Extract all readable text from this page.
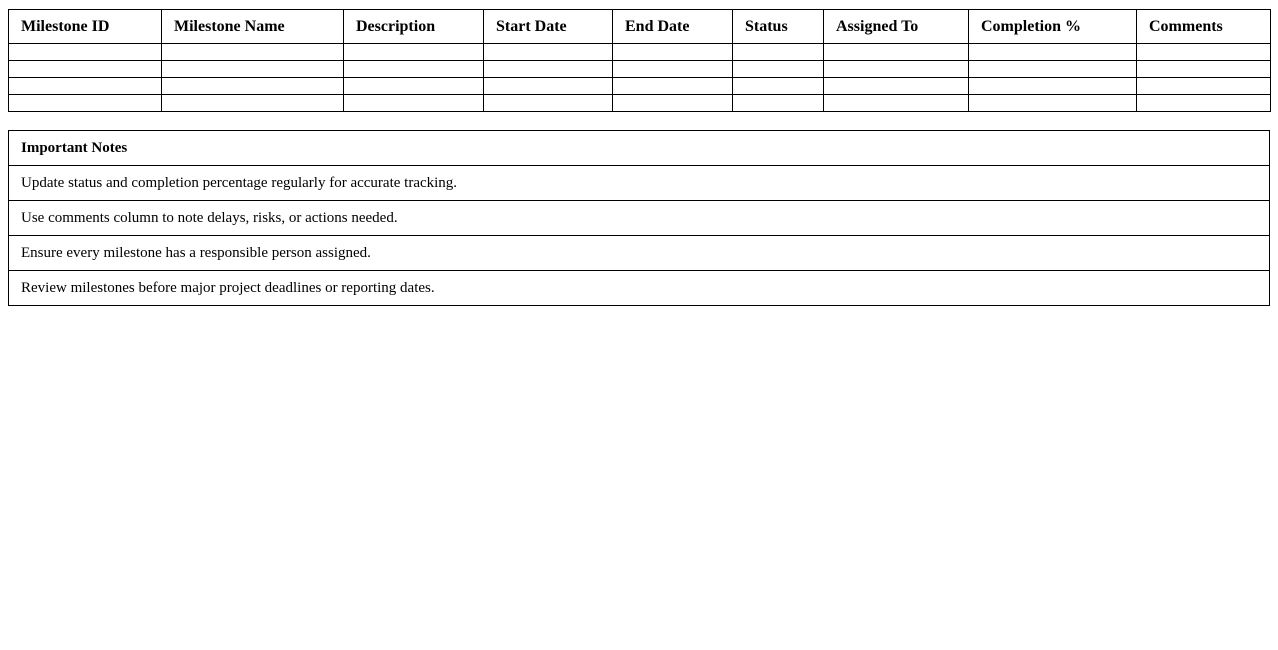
Milestone ID	Milestone Name	Description	Start Date	End Date	Status	Assigned To	Completion %	Comments

Important Notes
Update status and completion percentage regularly for accurate tracking.
Use comments column to note delays, risks, or actions needed.
Ensure every milestone has a responsible person assigned.
Review milestones before major project deadlines or reporting dates.
